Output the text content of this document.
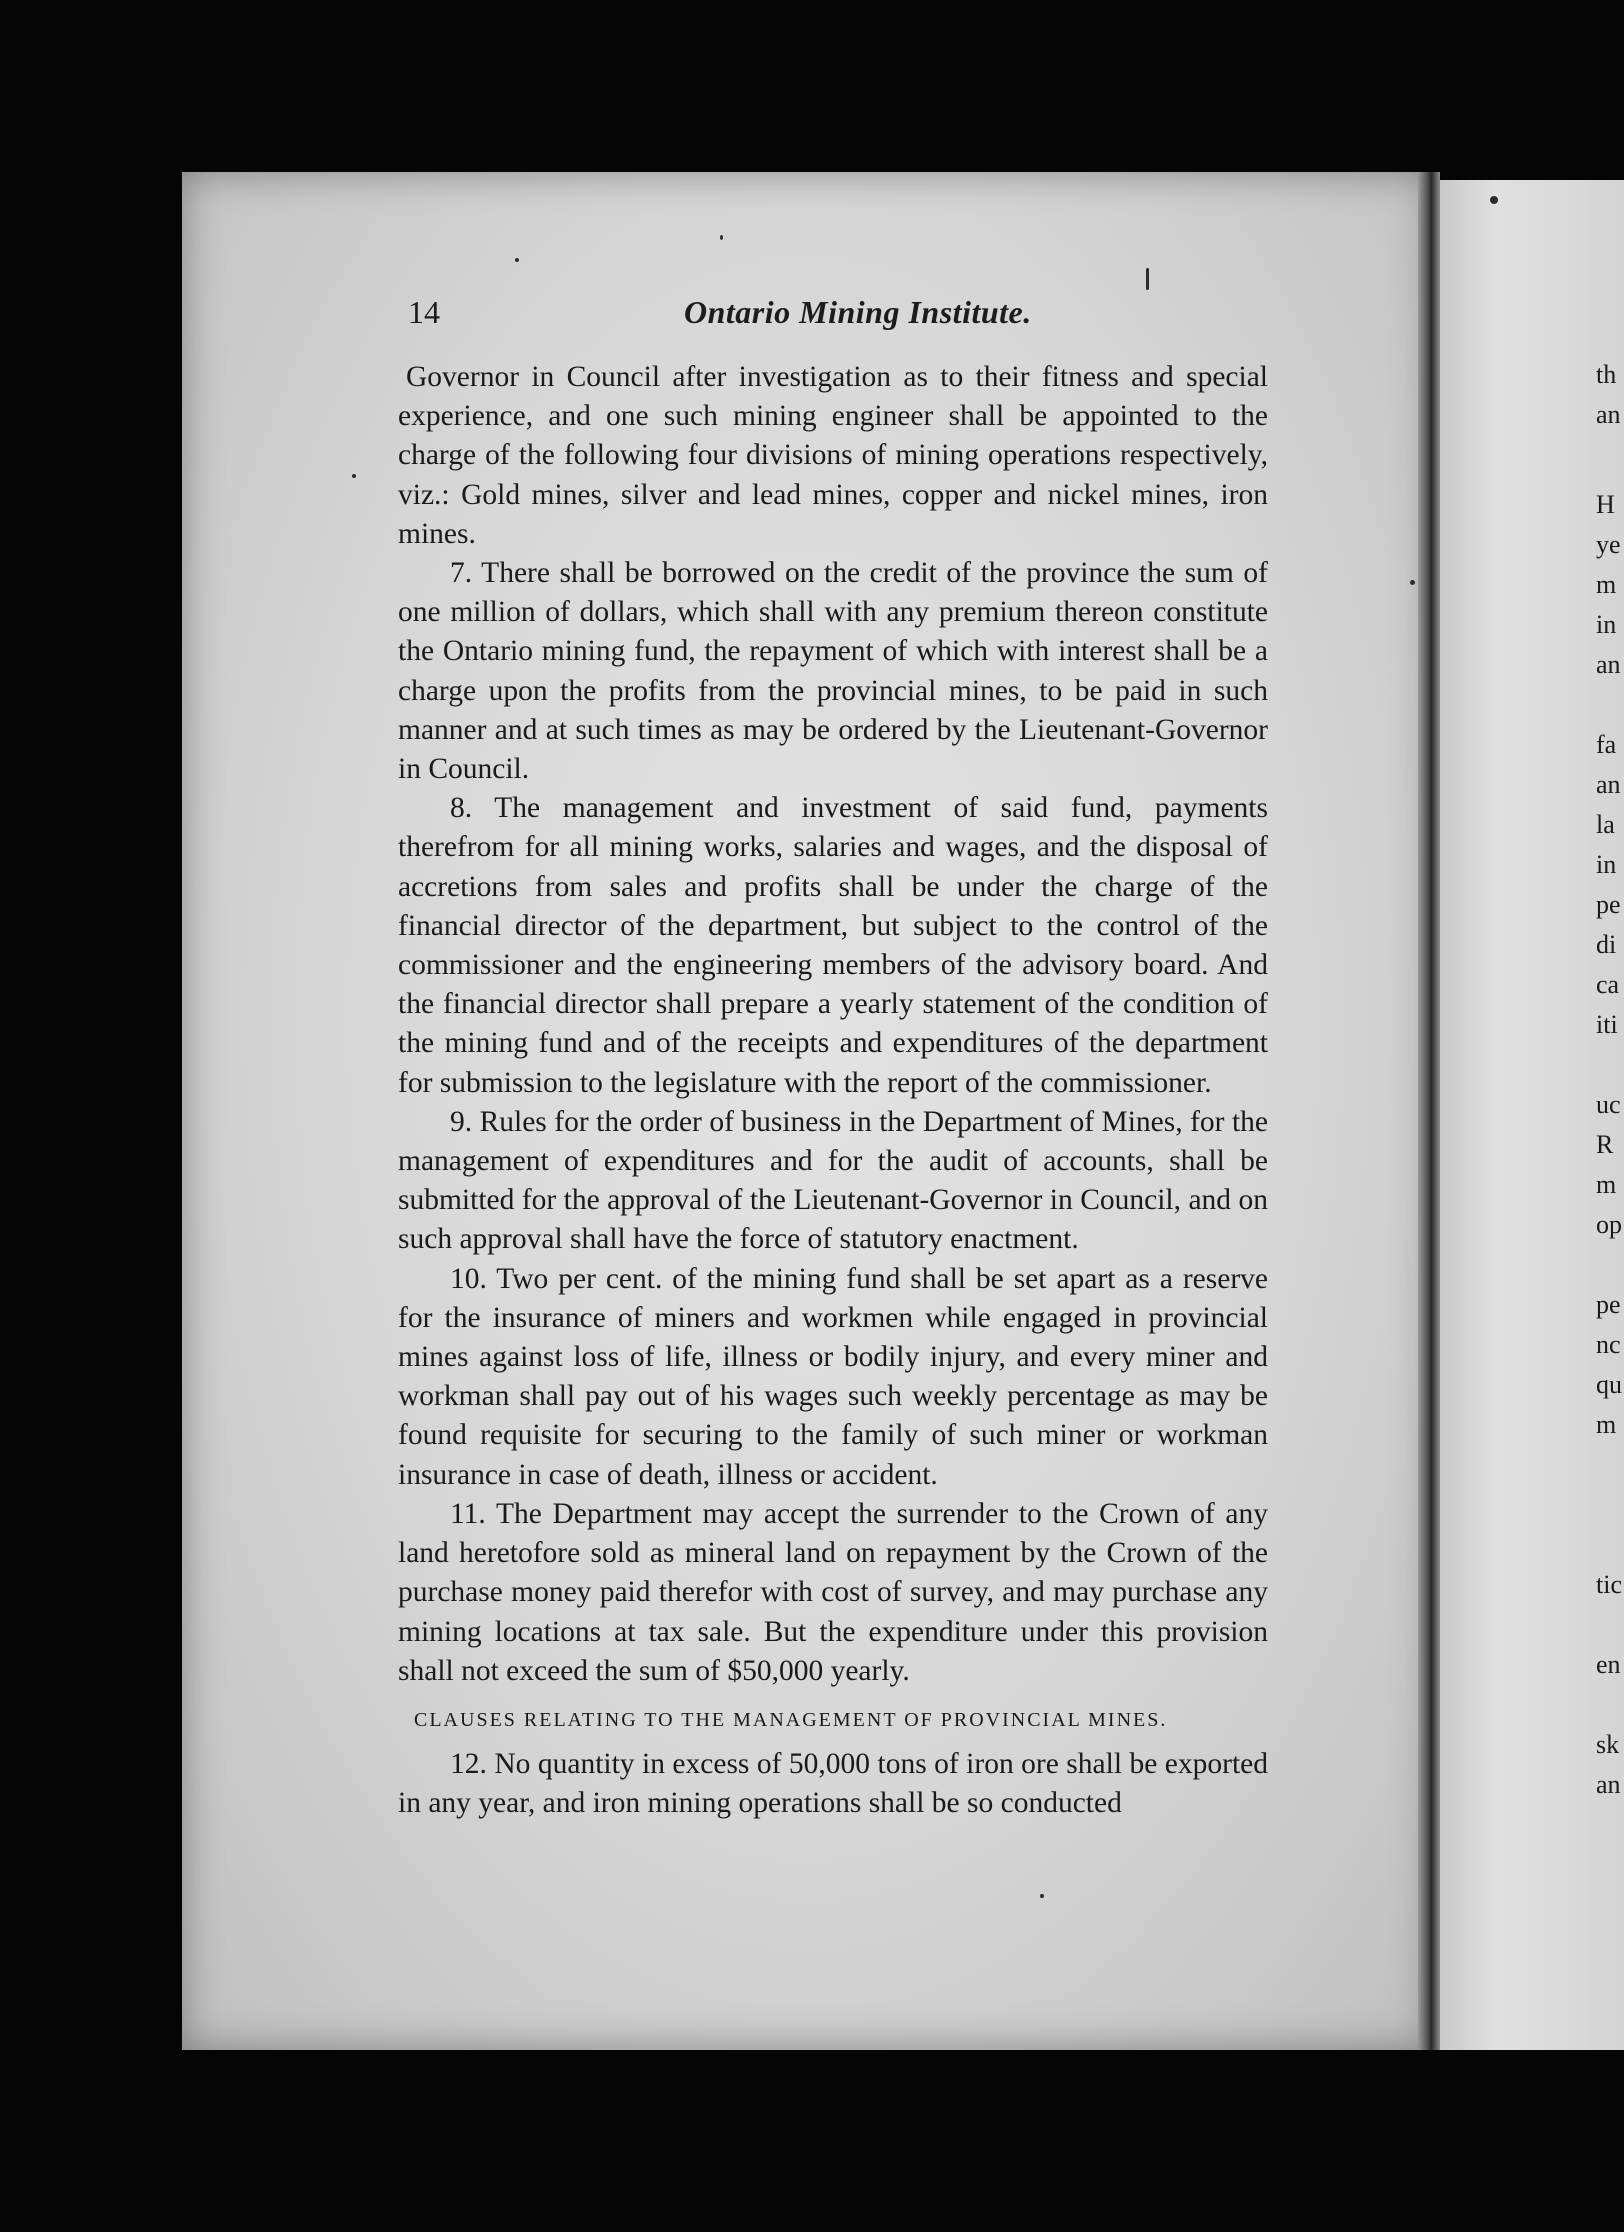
14	Ontario Mining Institute.

Governor in Council after investigation as to their fitness and special experience, and one such mining engineer shall be appointed to the charge of the following four divisions of mining operations respectively, viz.: Gold mines, silver and lead mines, copper and nickel mines, iron mines.

7. There shall be borrowed on the credit of the province the sum of one million of dollars, which shall with any premium thereon constitute the Ontario mining fund, the repayment of which with interest shall be a charge upon the profits from the provincial mines, to be paid in such manner and at such times as may be ordered by the Lieutenant-Governor in Council.

8. The management and investment of said fund, payments therefrom for all mining works, salaries and wages, and the disposal of accretions from sales and profits shall be under the charge of the financial director of the department, but subject to the control of the commissioner and the engineering members of the advisory board. And the financial director shall prepare a yearly statement of the condition of the mining fund and of the receipts and expenditures of the department for submission to the legislature with the report of the commissioner.

9. Rules for the order of business in the Department of Mines, for the management of expenditures and for the audit of accounts, shall be submitted for the approval of the Lieutenant-Governor in Council, and on such approval shall have the force of statutory enactment.

10. Two per cent. of the mining fund shall be set apart as a reserve for the insurance of miners and workmen while engaged in provincial mines against loss of life, illness or bodily injury, and every miner and workman shall pay out of his wages such weekly percentage as may be found requisite for securing to the family of such miner or workman insurance in case of death, illness or accident.

11. The Department may accept the surrender to the Crown of any land heretofore sold as mineral land on repayment by the Crown of the purchase money paid therefor with cost of survey, and may purchase any mining locations at tax sale. But the expenditure under this provision shall not exceed the sum of $50,000 yearly.

CLAUSES RELATING TO THE MANAGEMENT OF PROVINCIAL MINES.

12. No quantity in excess of 50,000 tons of iron ore shall be exported in any year, and iron mining operations shall be so conducted

th
an
H
ye
m
in
an
fa
an
la
in
pe
di
ca
iti
uc
R
m
op
pe
nc
qu
m
tic
en
sk
an
